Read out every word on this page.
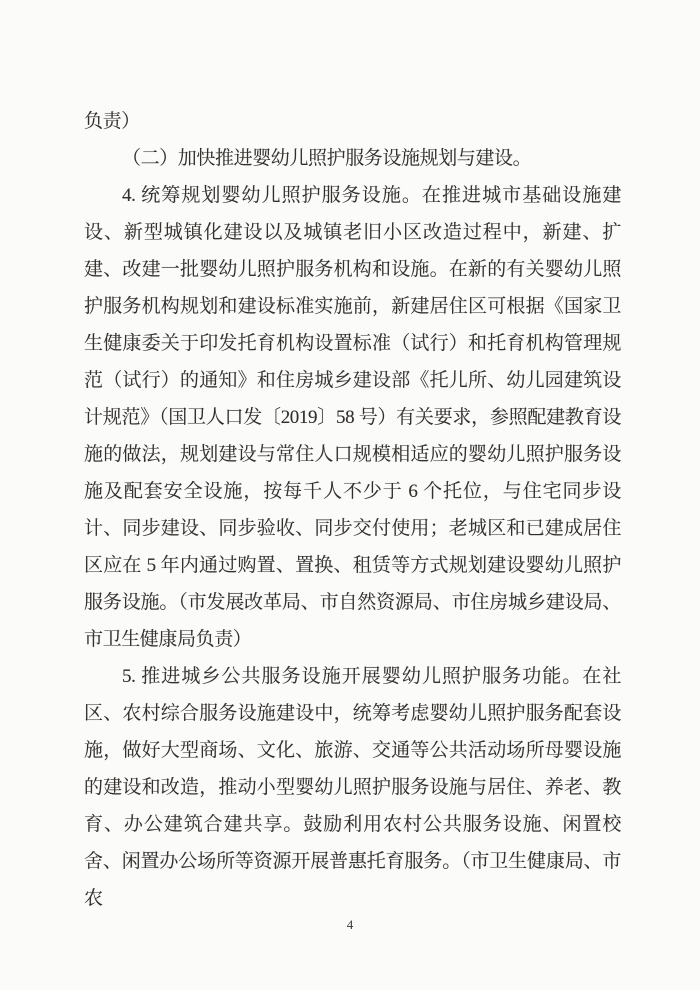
负责）

（二）加快推进婴幼儿照护服务设施规划与建设。

4. 统筹规划婴幼儿照护服务设施。在推进城市基础设施建设、新型城镇化建设以及城镇老旧小区改造过程中，新建、扩建、改建一批婴幼儿照护服务机构和设施。在新的有关婴幼儿照护服务机构规划和建设标准实施前，新建居住区可根据《国家卫生健康委关于印发托育机构设置标准（试行）和托育机构管理规范（试行）的通知》和住房城乡建设部《托儿所、幼儿园建筑设计规范》（国卫人口发〔2019〕58 号）有关要求，参照配建教育设施的做法，规划建设与常住人口规模相适应的婴幼儿照护服务设施及配套安全设施，按每千人不少于 6 个托位，与住宅同步设计、同步建设、同步验收、同步交付使用；老城区和已建成居住区应在 5 年内通过购置、置换、租赁等方式规划建设婴幼儿照护服务设施。（市发展改革局、市自然资源局、市住房城乡建设局、市卫生健康局负责）

5. 推进城乡公共服务设施开展婴幼儿照护服务功能。在社区、农村综合服务设施建设中，统筹考虑婴幼儿照护服务配套设施，做好大型商场、文化、旅游、交通等公共活动场所母婴设施的建设和改造，推动小型婴幼儿照护服务设施与居住、养老、教育、办公建筑合建共享。鼓励利用农村公共服务设施、闲置校舍、闲置办公场所等资源开展普惠托育服务。（市卫生健康局、市农

4
